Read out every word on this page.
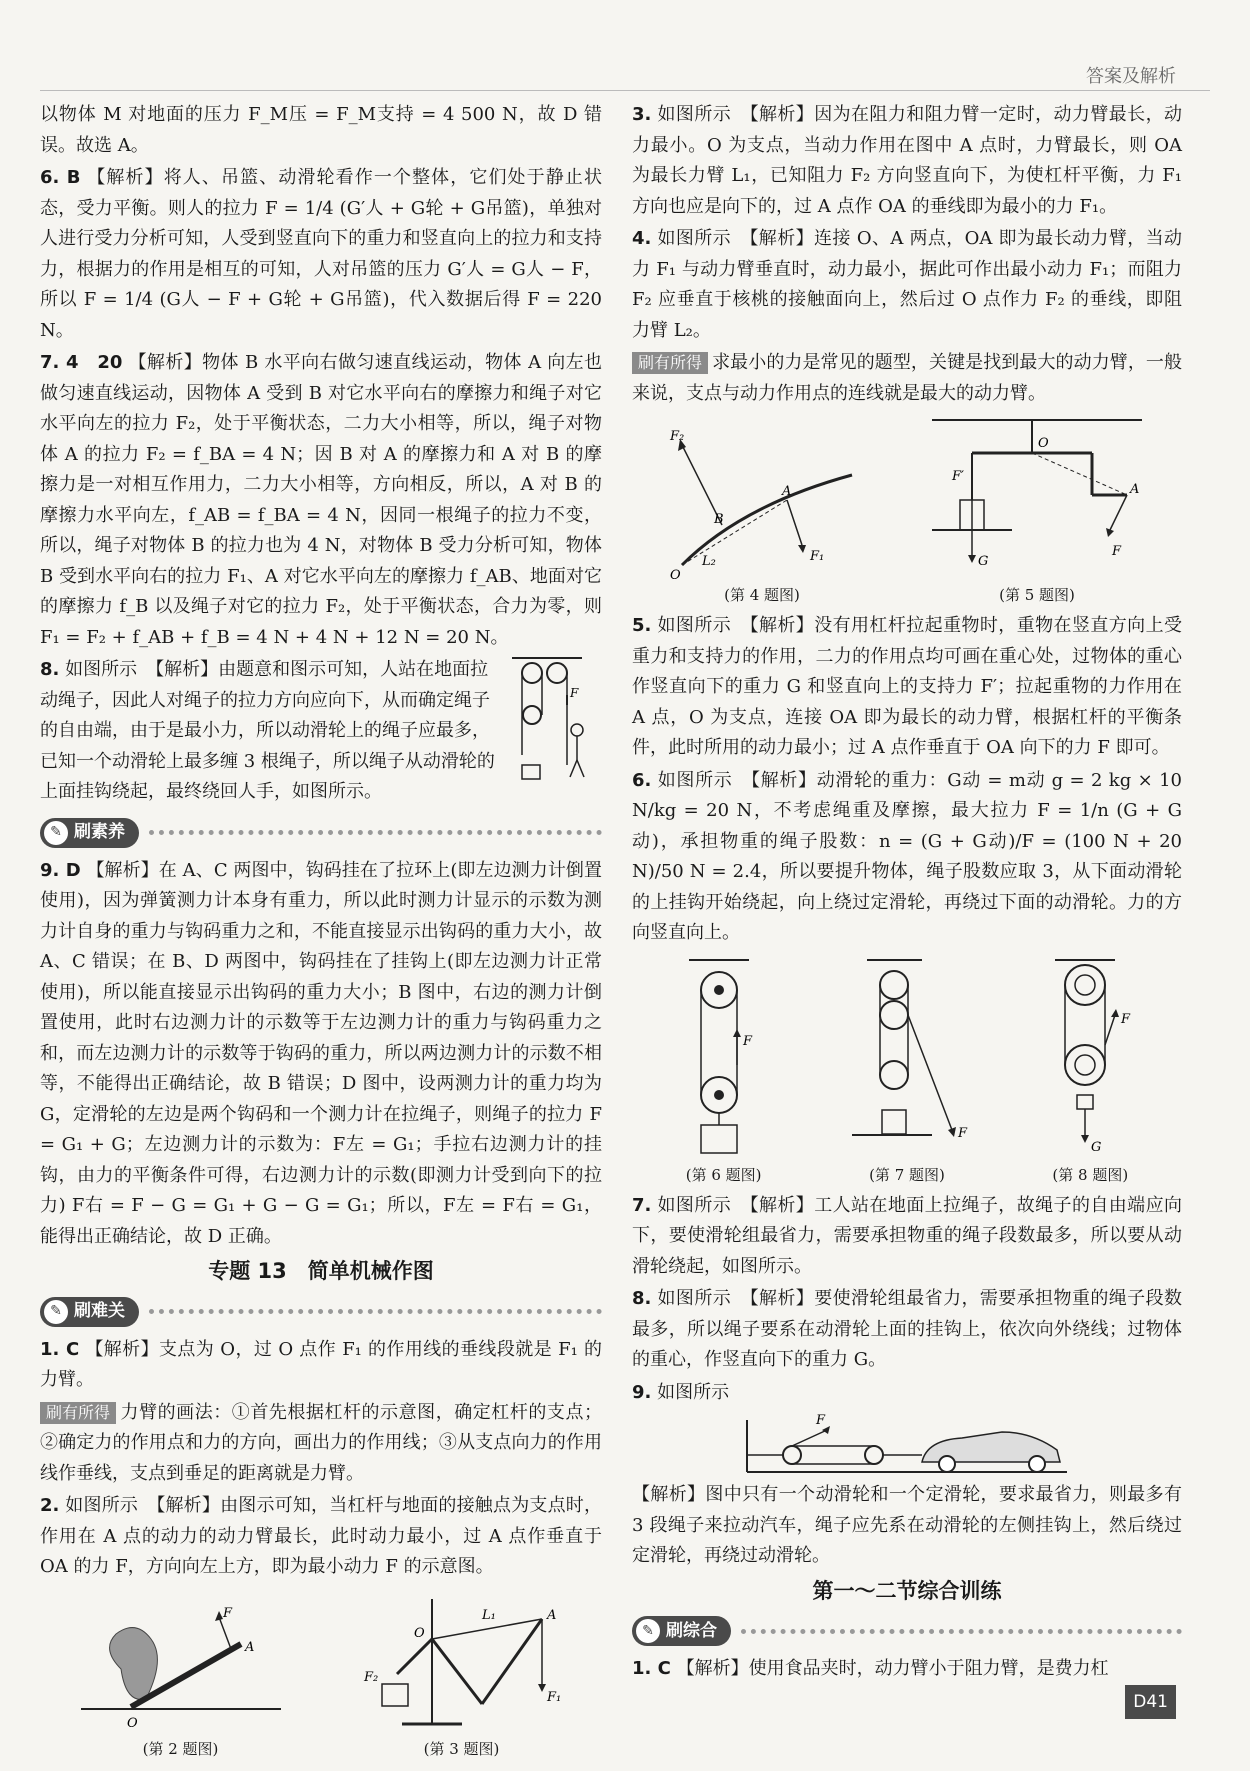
答案及解析

以物体 M 对地面的压力 F_M压 = F_M支持 = 4 500 N，故 D 错误。故选 A。

6. B 【解析】将人、吊篮、动滑轮看作一个整体，它们处于静止状态，受力平衡。则人的拉力 F = 1/4 (G′人 + G轮 + G吊篮)，单独对人进行受力分析可知，人受到竖直向下的重力和竖直向上的拉力和支持力，根据力的作用是相互的可知，人对吊篮的压力 G′人 = G人 − F，所以 F = 1/4 (G人 − F + G轮 + G吊篮)，代入数据后得 F = 220 N。

7. 4　20 【解析】物体 B 水平向右做匀速直线运动，物体 A 向左也做匀速直线运动，因物体 A 受到 B 对它水平向右的摩擦力和绳子对它水平向左的拉力 F₂，处于平衡状态，二力大小相等，所以，绳子对物体 A 的拉力 F₂ = f_BA = 4 N；因 B 对 A 的摩擦力和 A 对 B 的摩擦力是一对相互作用力，二力大小相等，方向相反，所以，A 对 B 的摩擦力水平向左，f_AB = f_BA = 4 N，因同一根绳子的拉力不变，所以，绳子对物体 B 的拉力也为 4 N，对物体 B 受力分析可知，物体 B 受到水平向右的拉力 F₁、A 对它水平向左的摩擦力 f_AB、地面对它的摩擦力 f_B 以及绳子对它的拉力 F₂，处于平衡状态，合力为零，则 F₁ = F₂ + f_AB + f_B = 4 N + 4 N + 12 N = 20 N。

F
8. 如图所示　【解析】由题意和图示可知，人站在地面拉动绳子，因此人对绳子的拉力方向应向下，从而确定绳子的自由端，由于是最小力，所以动滑轮上的绳子应最多，已知一个动滑轮上最多缠 3 根绳子，所以绳子从动滑轮的上面挂钩绕起，最终绕回人手，如图所示。
✎ 刷素养

9. D 【解析】在 A、C 两图中，钩码挂在了拉环上(即左边测力计倒置使用)，因为弹簧测力计本身有重力，所以此时测力计显示的示数为测力计自身的重力与钩码重力之和，不能直接显示出钩码的重力大小，故 A、C 错误；在 B、D 两图中，钩码挂在了挂钩上(即左边测力计正常使用)，所以能直接显示出钩码的重力大小；B 图中，右边的测力计倒置使用，此时右边测力计的示数等于左边测力计的重力与钩码重力之和，而左边测力计的示数等于钩码的重力，所以两边测力计的示数不相等，不能得出正确结论，故 B 错误；D 图中，设两测力计的重力均为 G，定滑轮的左边是两个钩码和一个测力计在拉绳子，则绳子的拉力 F = G₁ + G；左边测力计的示数为：F左 = G₁；手拉右边测力计的挂钩，由力的平衡条件可得，右边测力计的示数(即测力计受到向下的拉力) F右 = F − G = G₁ + G − G = G₁；所以，F左 = F右 = G₁，能得出正确结论，故 D 正确。

专题 13　简单机械作图
✎ 刷难关

1. C 【解析】支点为 O，过 O 点作 F₁ 的作用线的垂线段就是 F₁ 的力臂。

刷有所得 力臂的画法：①首先根据杠杆的示意图，确定杠杆的支点；②确定力的作用点和力的方向，画出力的作用线；③从支点向力的作用线作垂线，支点到垂足的距离就是力臂。

2. 如图所示　【解析】由图示可知，当杠杆与地面的接触点为支点时，作用在 A 点的动力的动力臂最长，此时动力最小，过 A 点作垂直于 OA 的力 F，方向向左上方，即为最小动力 F 的示意图。

F
A
O
(第 2 题图)
O
L₁	A
F₁
F₂
(第 3 题图)

3. 如图所示　【解析】因为在阻力和阻力臂一定时，动力臂最长，动力最小。O 为支点，当动力作用在图中 A 点时，力臂最长，则 OA 为最长力臂 L₁，已知阻力 F₂ 方向竖直向下，为使杠杆平衡，力 F₁ 方向也应是向下的，过 A 点作 OA 的垂线即为最小的力 F₁。

4. 如图所示　【解析】连接 O、A 两点，OA 即为最长动力臂，当动力 F₁ 与动力臂垂直时，动力最小，据此可作出最小动力 F₁；而阻力 F₂ 应垂直于核桃的接触面向上，然后过 O 点作力 F₂ 的垂线，即阻力臂 L₂。

刷有所得 求最小的力是常见的题型，关键是找到最大的动力臂，一般来说，支点与动力作用点的连线就是最大的动力臂。

F₂
B
A
F₁
L₂
O
(第 4 题图)
O
F′
G
A
F
(第 5 题图)

5. 如图所示　【解析】没有用杠杆拉起重物时，重物在竖直方向上受重力和支持力的作用，二力的作用点均可画在重心处，过物体的重心作竖直向下的重力 G 和竖直向上的支持力 F′；拉起重物的力作用在 A 点，O 为支点，连接 OA 即为最长的动力臂，根据杠杆的平衡条件，此时所用的动力最小；过 A 点作垂直于 OA 向下的力 F 即可。

6. 如图所示　【解析】动滑轮的重力：G动 = m动 g = 2 kg × 10 N/kg = 20 N，不考虑绳重及摩擦，最大拉力 F = 1/n (G + G动)，承担物重的绳子股数：n = (G + G动)/F = (100 N + 20 N)/50 N = 2.4，所以要提升物体，绳子股数应取 3，从下面动滑轮的上挂钩开始绕起，向上绕过定滑轮，再绕过下面的动滑轮。力的方向竖直向上。

F
(第 6 题图)
F
(第 7 题图)
F
G
(第 8 题图)

7. 如图所示　【解析】工人站在地面上拉绳子，故绳子的自由端应向下，要使滑轮组最省力，需要承担物重的绳子段数最多，所以要从动滑轮绕起，如图所示。

8. 如图所示　【解析】要使滑轮组最省力，需要承担物重的绳子段数最多，所以绳子要系在动滑轮上面的挂钩上，依次向外绕线；过物体的重心，作竖直向下的重力 G。

9. 如图所示

F

【解析】图中只有一个动滑轮和一个定滑轮，要求最省力，则最多有 3 段绳子来拉动汽车，绳子应先系在动滑轮的左侧挂钩上，然后绕过定滑轮，再绕过动滑轮。

第一～二节综合训练
✎ 刷综合

1. C 【解析】使用食品夹时，动力臂小于阻力臂，是费力杠

D41
